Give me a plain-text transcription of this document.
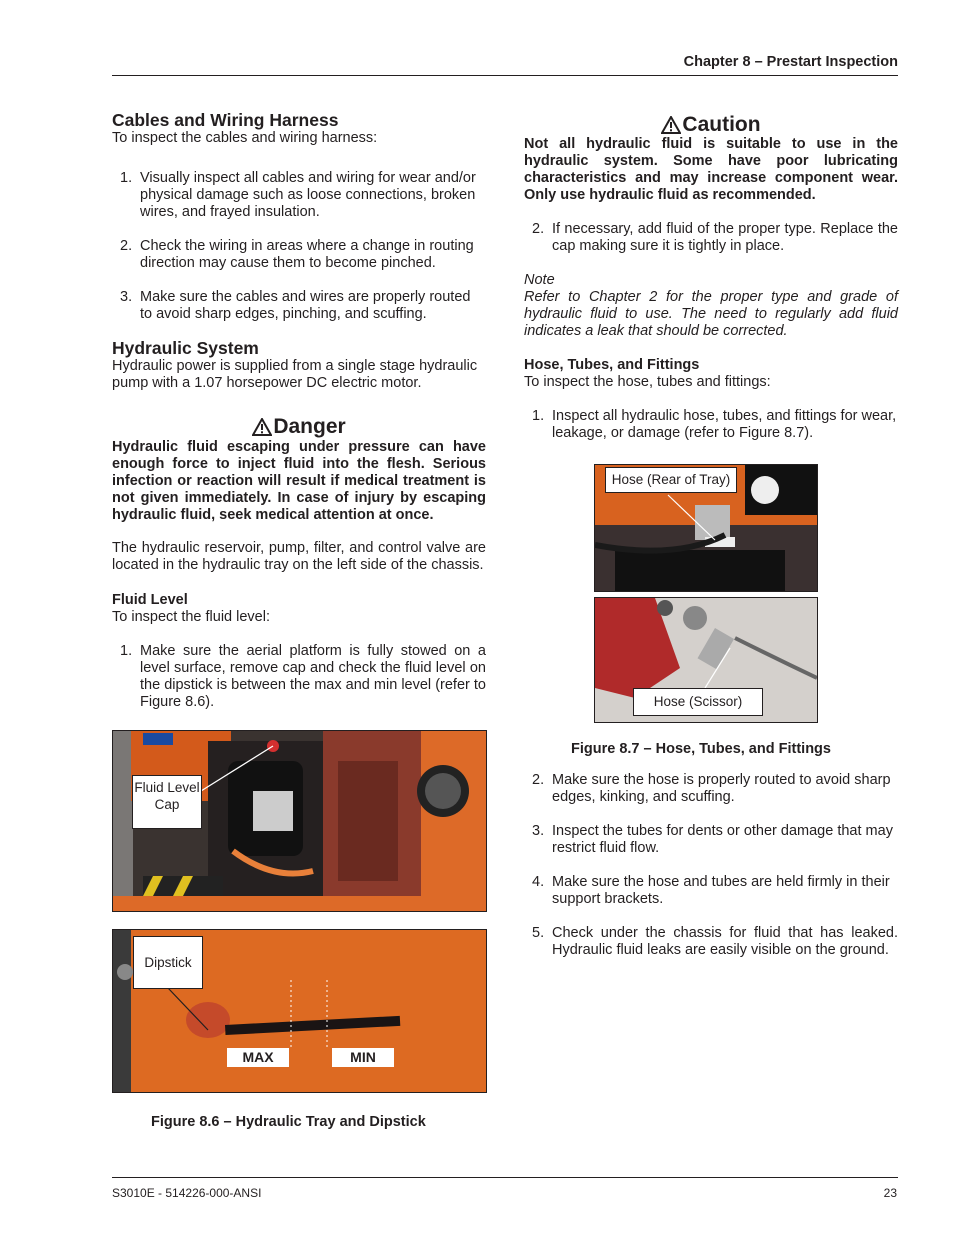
Chapter 8 – Prestart Inspection
Cables and Wiring Harness

To inspect the cables and wiring harness:

1. Visually inspect all cables and wiring for wear and/or physical damage such as loose connections, broken wires, and frayed insulation.
2. Check the wiring in areas where a change in routing direction may cause them to become pinched.
3. Make sure the cables and wires are properly routed to avoid sharp edges, pinching, and scuffing.
Hydraulic System

Hydraulic power is supplied from a single stage hydraulic pump with a 1.07 horsepower DC electric motor.

Danger

Hydraulic fluid escaping under pressure can have enough force to inject fluid into the flesh. Serious infection or reaction will result if medical treatment is not given immediately. In case of injury by escaping hydraulic fluid, seek medical attention at once.

The hydraulic reservoir, pump, filter, and control valve are located in the hydraulic tray on the left side of the chassis.

Fluid Level

To inspect the fluid level:

1. Make sure the aerial platform is fully stowed on a level surface, remove cap and check the fluid level on the dipstick is between the max and min level (refer to Figure 8.6).
Fluid Level Cap
Dipstick
MAX	MIN
Figure 8.6 – Hydraulic Tray and Dipstick
Caution

Not all hydraulic fluid is suitable to use in the hydraulic system. Some have poor lubricating characteristics and may increase component wear. Only use hydraulic fluid as recommended.

2. If necessary, add fluid of the proper type. Replace the cap making sure it is tightly in place.

Note

Refer to Chapter 2 for the proper type and grade of hydraulic fluid to use. The need to regularly add fluid indicates a leak that should be corrected.

Hose, Tubes, and Fittings

To inspect the hose, tubes and fittings:

1. Inspect all hydraulic hose, tubes, and fittings for wear, leakage, or damage (refer to Figure 8.7).
Hose (Rear of Tray)
Hose (Scissor)
Figure 8.7 – Hose, Tubes, and Fittings
2. Make sure the hose is properly routed to avoid sharp edges, kinking, and scuffing.
3. Inspect the tubes for dents or other damage that may restrict fluid flow.
4. Make sure the hose and tubes are held firmly in their support brackets.
5. Check under the chassis for fluid that has leaked. Hydraulic fluid leaks are easily visible on the ground.
S3010E - 514226-000-ANSI	23
